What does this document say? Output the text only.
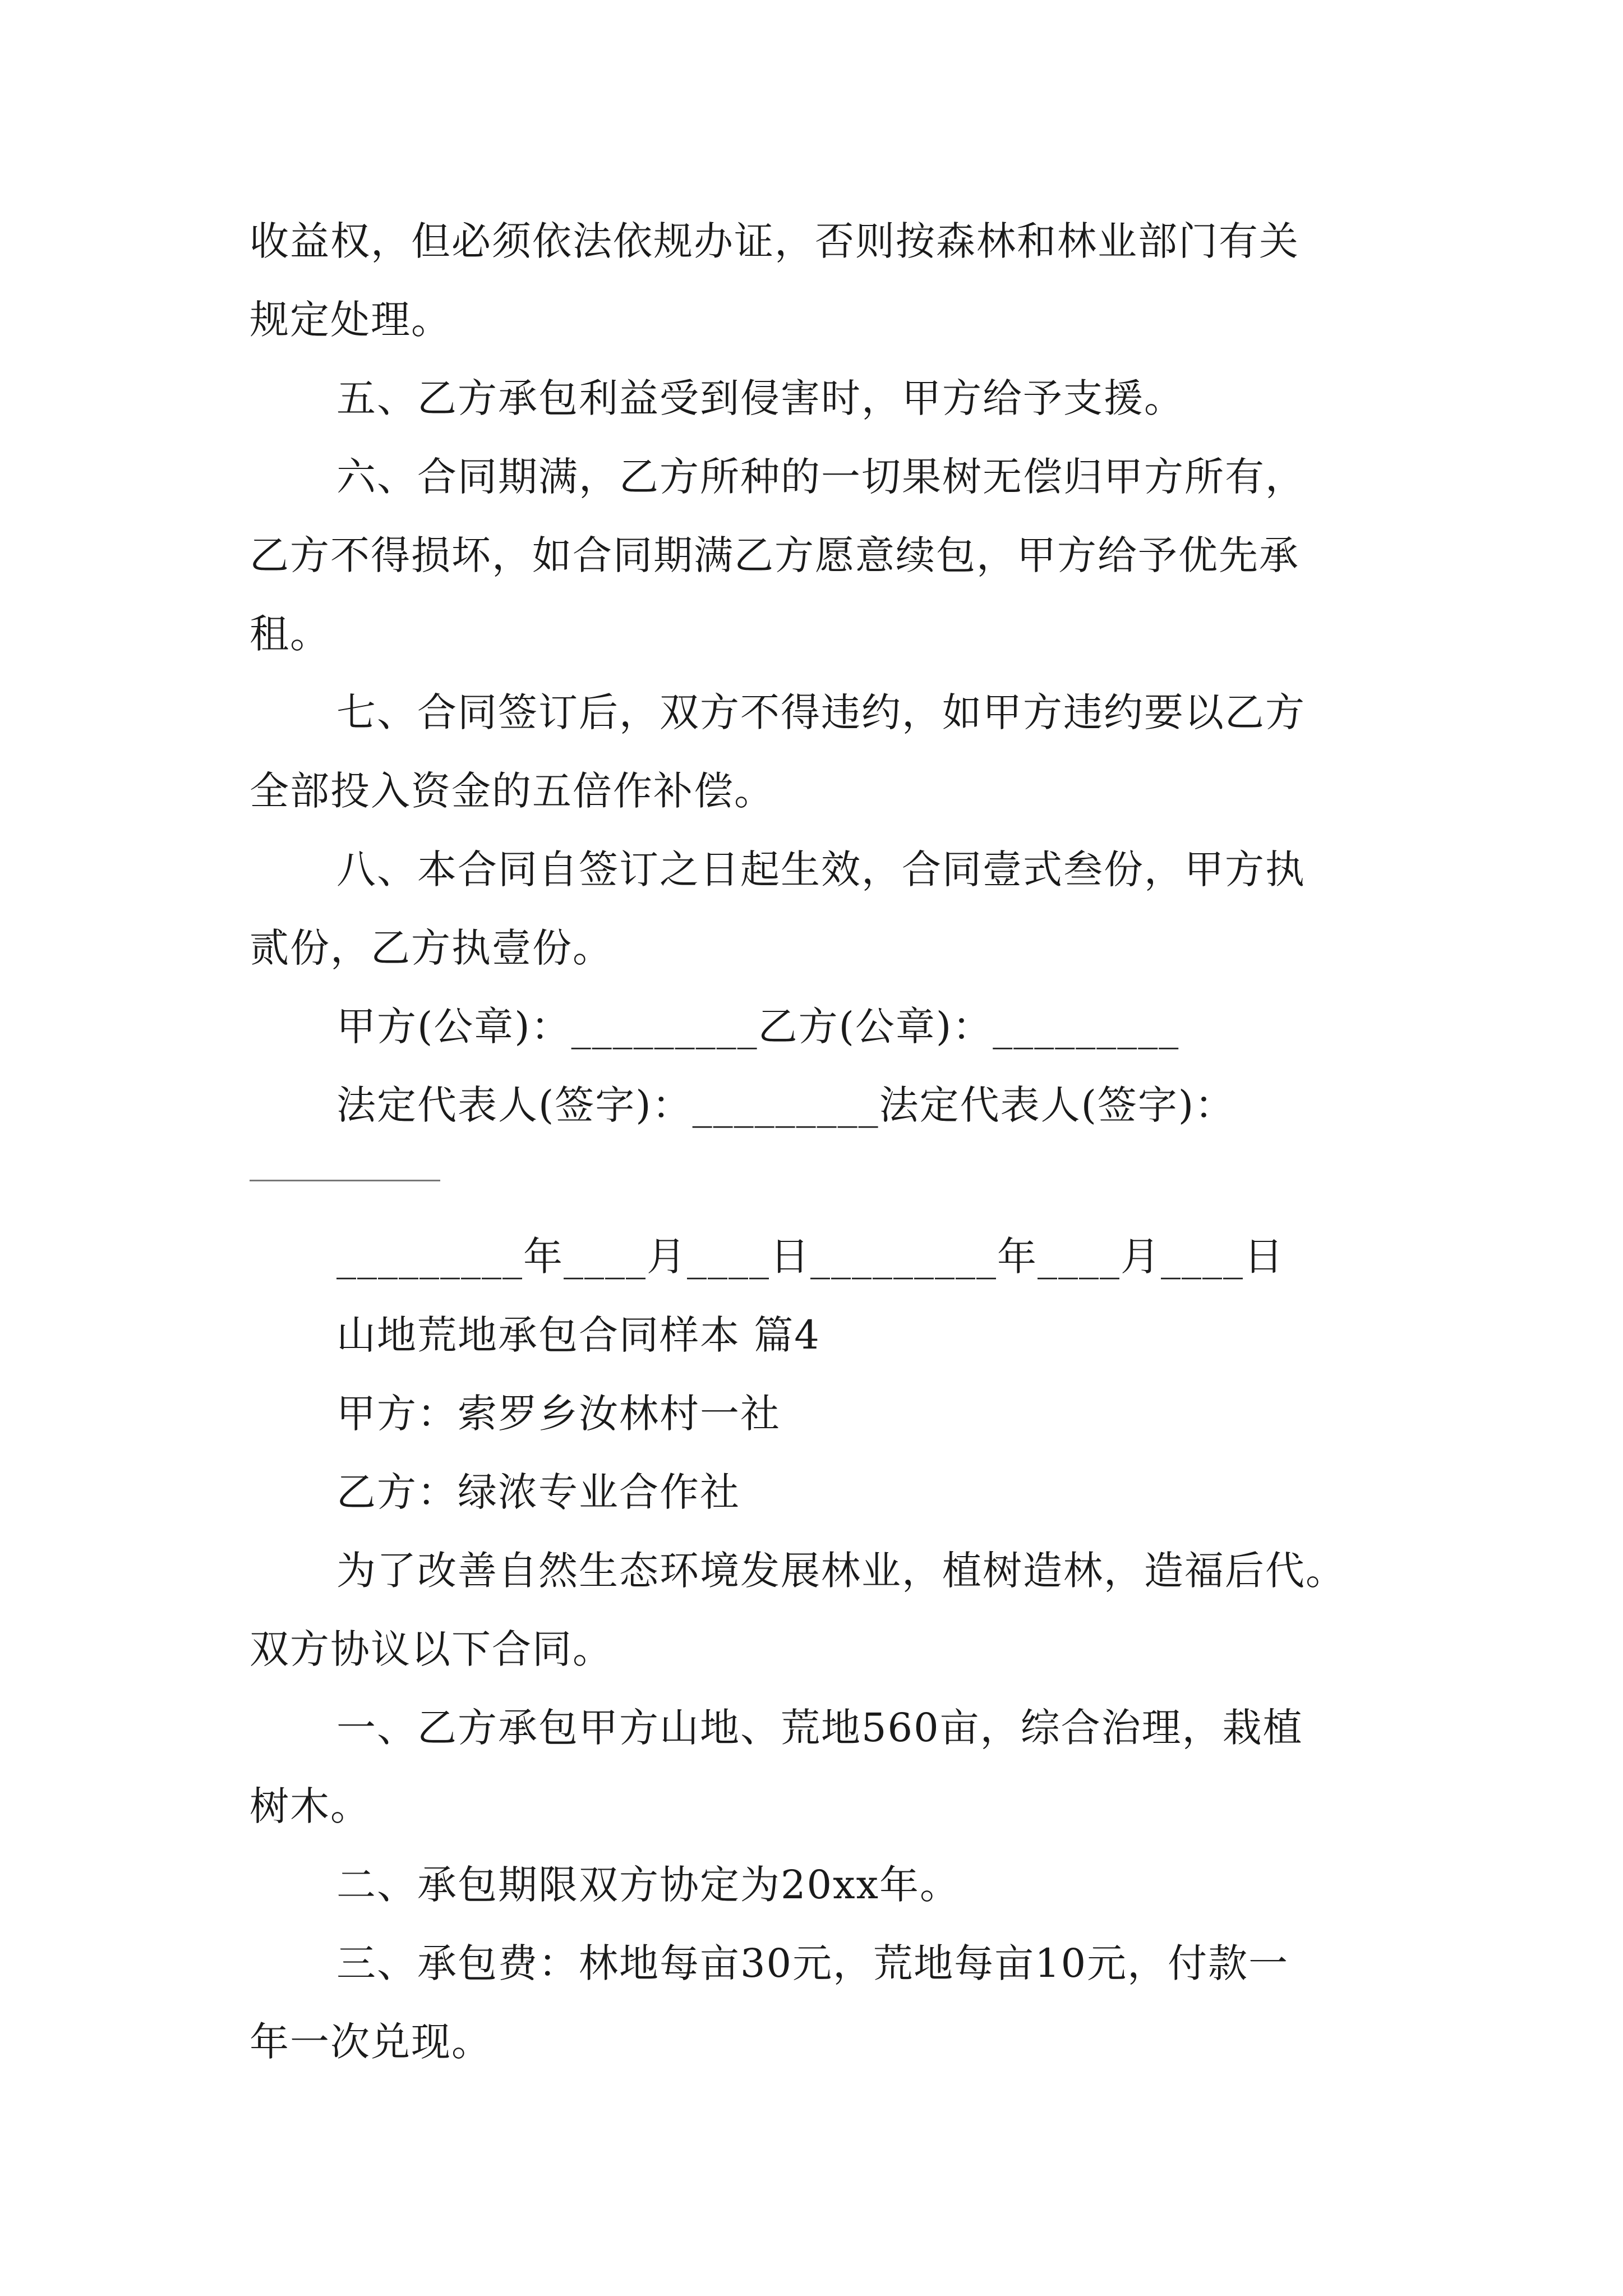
收益权，但必须依法依规办证，否则按森林和林业部门有关
规定处理。
五、乙方承包利益受到侵害时，甲方给予支援。
六、合同期满，乙方所种的一切果树无偿归甲方所有，
乙方不得损坏，如合同期满乙方愿意续包，甲方给予优先承
租。
七、合同签订后，双方不得违约，如甲方违约要以乙方
全部投入资金的五倍作补偿。
八、本合同自签订之日起生效，合同壹式叁份，甲方执
贰份，乙方执壹份。
甲方(公章)：_________乙方(公章)：_________
法定代表人(签字)：_________法定代表人(签字)：
_________年____月____日_________年____月____日
山地荒地承包合同样本 篇4
甲方：索罗乡汝林村一社
乙方：绿浓专业合作社
为了改善自然生态环境发展林业，植树造林，造福后代。
双方协议以下合同。
一、乙方承包甲方山地、荒地560亩，综合治理，栽植
树木。
二、承包期限双方协定为20xx年。
三、承包费：林地每亩30元，荒地每亩10元，付款一
年一次兑现。
